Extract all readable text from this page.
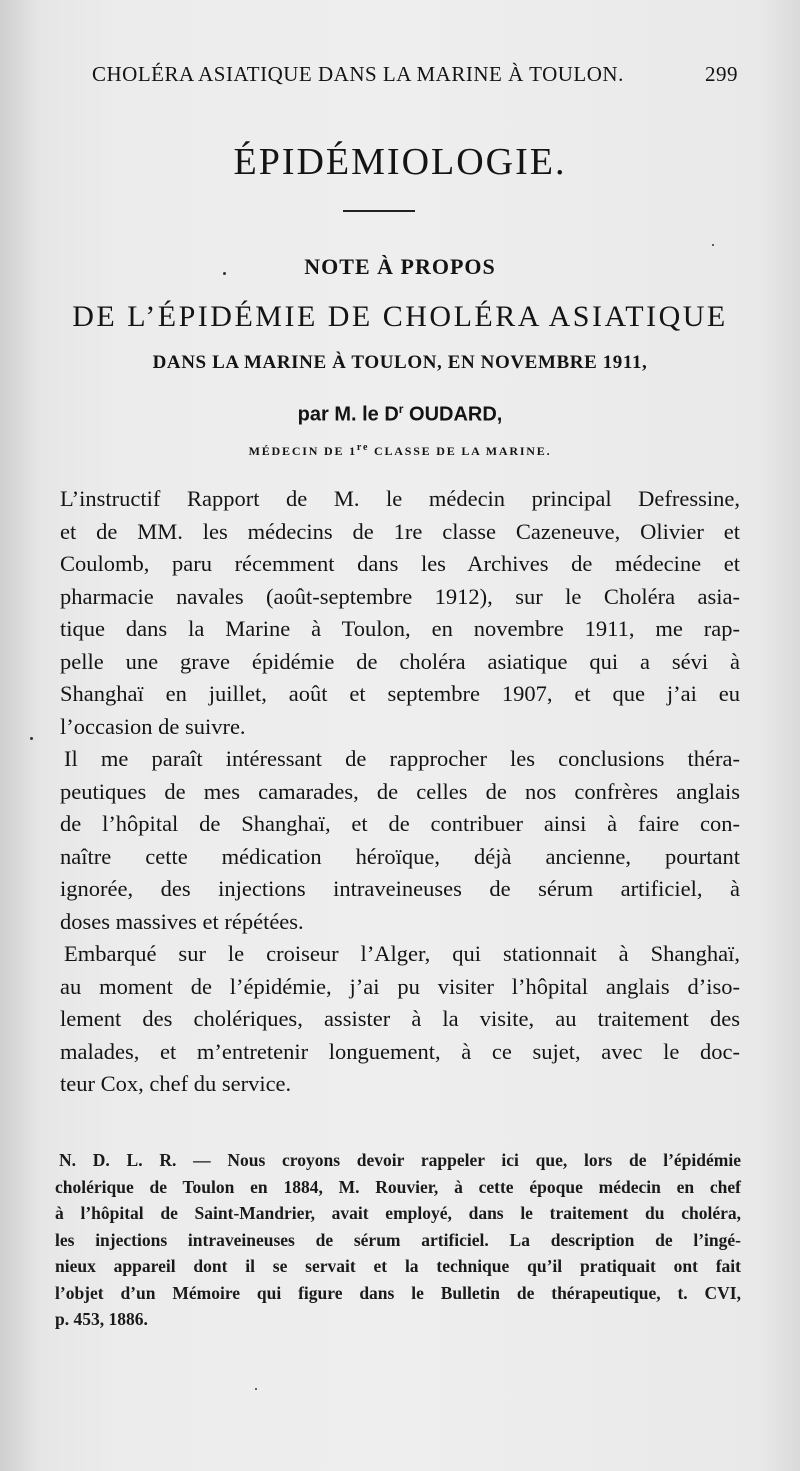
CHOLÉRA ASIATIQUE DANS LA MARINE À TOULON.	299
ÉPIDÉMIOLOGIE.
NOTE À PROPOS
DE L’ÉPIDÉMIE DE CHOLÉRA ASIATIQUE
DANS LA MARINE À TOULON, EN NOVEMBRE 1911,
par M. le $D^r$ OUDARD,
MÉDECIN DE 1re CLASSE DE LA MARINE.

L’instructif Rapport de M. le médecin principal Defressine,
et de MM. les médecins de 1re classe Cazeneuve, Olivier et
Coulomb, paru récemment dans les Archives de médecine et
pharmacie navales (août-septembre 1912), sur le Choléra asia-
tique dans la Marine à Toulon, en novembre 1911, me rap-
pelle une grave épidémie de choléra asiatique qui a sévi à
Shanghaï en juillet, août et septembre 1907, et que j’ai eu
l’occasion de suivre.

Il me paraît intéressant de rapprocher les conclusions théra-
peutiques de mes camarades, de celles de nos confrères anglais
de l’hôpital de Shanghaï, et de contribuer ainsi à faire con-
naître cette médication héroïque, déjà ancienne, pourtant
ignorée, des injections intraveineuses de sérum artificiel, à
doses massives et répétées.

Embarqué sur le croiseur l’Alger, qui stationnait à Shanghaï,
au moment de l’épidémie, j’ai pu visiter l’hôpital anglais d’iso-
lement des cholériques, assister à la visite, au traitement des
malades, et m’entretenir longuement, à ce sujet, avec le doc-
teur Cox, chef du service.

N. D. L. R. — Nous croyons devoir rappeler ici que, lors de l’épidémie
cholérique de Toulon en 1884, M. Rouvier, à cette époque médecin en chef
à l’hôpital de Saint-Mandrier, avait employé, dans le traitement du choléra,
les injections intraveineuses de sérum artificiel. La description de l’ingé-
nieux appareil dont il se servait et la technique qu’il pratiquait ont fait
l’objet d’un Mémoire qui figure dans le Bulletin de thérapeutique, t. CVI,
p. 453, 1886.
